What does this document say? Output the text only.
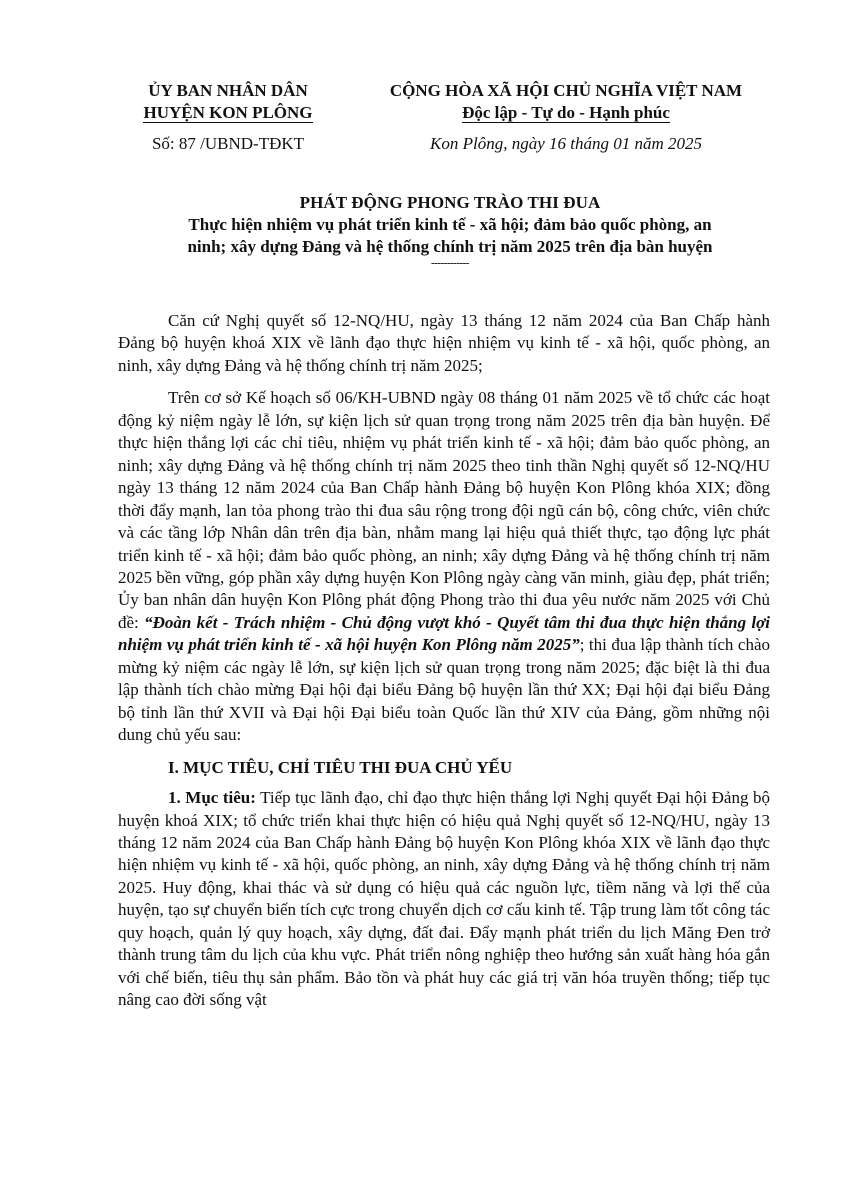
ỦY BAN NHÂN DÂN
HUYỆN KON PLÔNG
CỘNG HÒA XÃ HỘI CHỦ NGHĨA VIỆT NAM
Độc lập - Tự do - Hạnh phúc
Số: 87 /UBND-TĐKT	Kon Plông, ngày 16 tháng 01 năm 2025
PHÁT ĐỘNG PHONG TRÀO THI ĐUA
Thực hiện nhiệm vụ phát triển kinh tế - xã hội; đảm bảo quốc phòng, an
ninh; xây dựng Đảng và hệ thống chính trị năm 2025 trên địa bàn huyện
------------

Căn cứ Nghị quyết số 12-NQ/HU, ngày 13 tháng 12 năm 2024 của Ban Chấp hành Đảng bộ huyện khoá XIX về lãnh đạo thực hiện nhiệm vụ kinh tế - xã hội, quốc phòng, an ninh, xây dựng Đảng và hệ thống chính trị năm 2025;

Trên cơ sở Kế hoạch số 06/KH-UBND ngày 08 tháng 01 năm 2025 về tổ chức các hoạt động kỷ niệm ngày lễ lớn, sự kiện lịch sử quan trọng trong năm 2025 trên địa bàn huyện. Để thực hiện thắng lợi các chỉ tiêu, nhiệm vụ phát triển kinh tế - xã hội; đảm bảo quốc phòng, an ninh; xây dựng Đảng và hệ thống chính trị năm 2025 theo tinh thần Nghị quyết số 12-NQ/HU ngày 13 tháng 12 năm 2024 của Ban Chấp hành Đảng bộ huyện Kon Plông khóa XIX; đồng thời đẩy mạnh, lan tỏa phong trào thi đua sâu rộng trong đội ngũ cán bộ, công chức, viên chức và các tầng lớp Nhân dân trên địa bàn, nhằm mang lại hiệu quả thiết thực, tạo động lực phát triển kinh tế - xã hội; đảm bảo quốc phòng, an ninh; xây dựng Đảng và hệ thống chính trị năm 2025 bền vững, góp phần xây dựng huyện Kon Plông ngày càng văn minh, giàu đẹp, phát triển; Ủy ban nhân dân huyện Kon Plông phát động Phong trào thi đua yêu nước năm 2025 với Chủ đề: “Đoàn kết - Trách nhiệm - Chủ động vượt khó - Quyết tâm thi đua thực hiện thắng lợi nhiệm vụ phát triển kinh tế - xã hội huyện Kon Plông năm 2025”; thi đua lập thành tích chào mừng kỷ niệm các ngày lễ lớn, sự kiện lịch sử quan trọng trong năm 2025; đặc biệt là thi đua lập thành tích chào mừng Đại hội đại biểu Đảng bộ huyện lần thứ XX; Đại hội đại biểu Đảng bộ tỉnh lần thứ XVII và Đại hội Đại biểu toàn Quốc lần thứ XIV của Đảng, gồm những nội dung chủ yếu sau:

I. MỤC TIÊU, CHỈ TIÊU THI ĐUA CHỦ YẾU

1. Mục tiêu: Tiếp tục lãnh đạo, chỉ đạo thực hiện thắng lợi Nghị quyết Đại hội Đảng bộ huyện khoá XIX; tổ chức triển khai thực hiện có hiệu quả Nghị quyết số 12-NQ/HU, ngày 13 tháng 12 năm 2024 của Ban Chấp hành Đảng bộ huyện Kon Plông khóa XIX về lãnh đạo thực hiện nhiệm vụ kinh tế - xã hội, quốc phòng, an ninh, xây dựng Đảng và hệ thống chính trị năm 2025. Huy động, khai thác và sử dụng có hiệu quả các nguồn lực, tiềm năng và lợi thế của huyện, tạo sự chuyển biến tích cực trong chuyển dịch cơ cấu kinh tế. Tập trung làm tốt công tác quy hoạch, quản lý quy hoạch, xây dựng, đất đai. Đẩy mạnh phát triển du lịch Măng Đen trở thành trung tâm du lịch của khu vực. Phát triển nông nghiệp theo hướng sản xuất hàng hóa gắn với chế biến, tiêu thụ sản phẩm. Bảo tồn và phát huy các giá trị văn hóa truyền thống; tiếp tục nâng cao đời sống vật
